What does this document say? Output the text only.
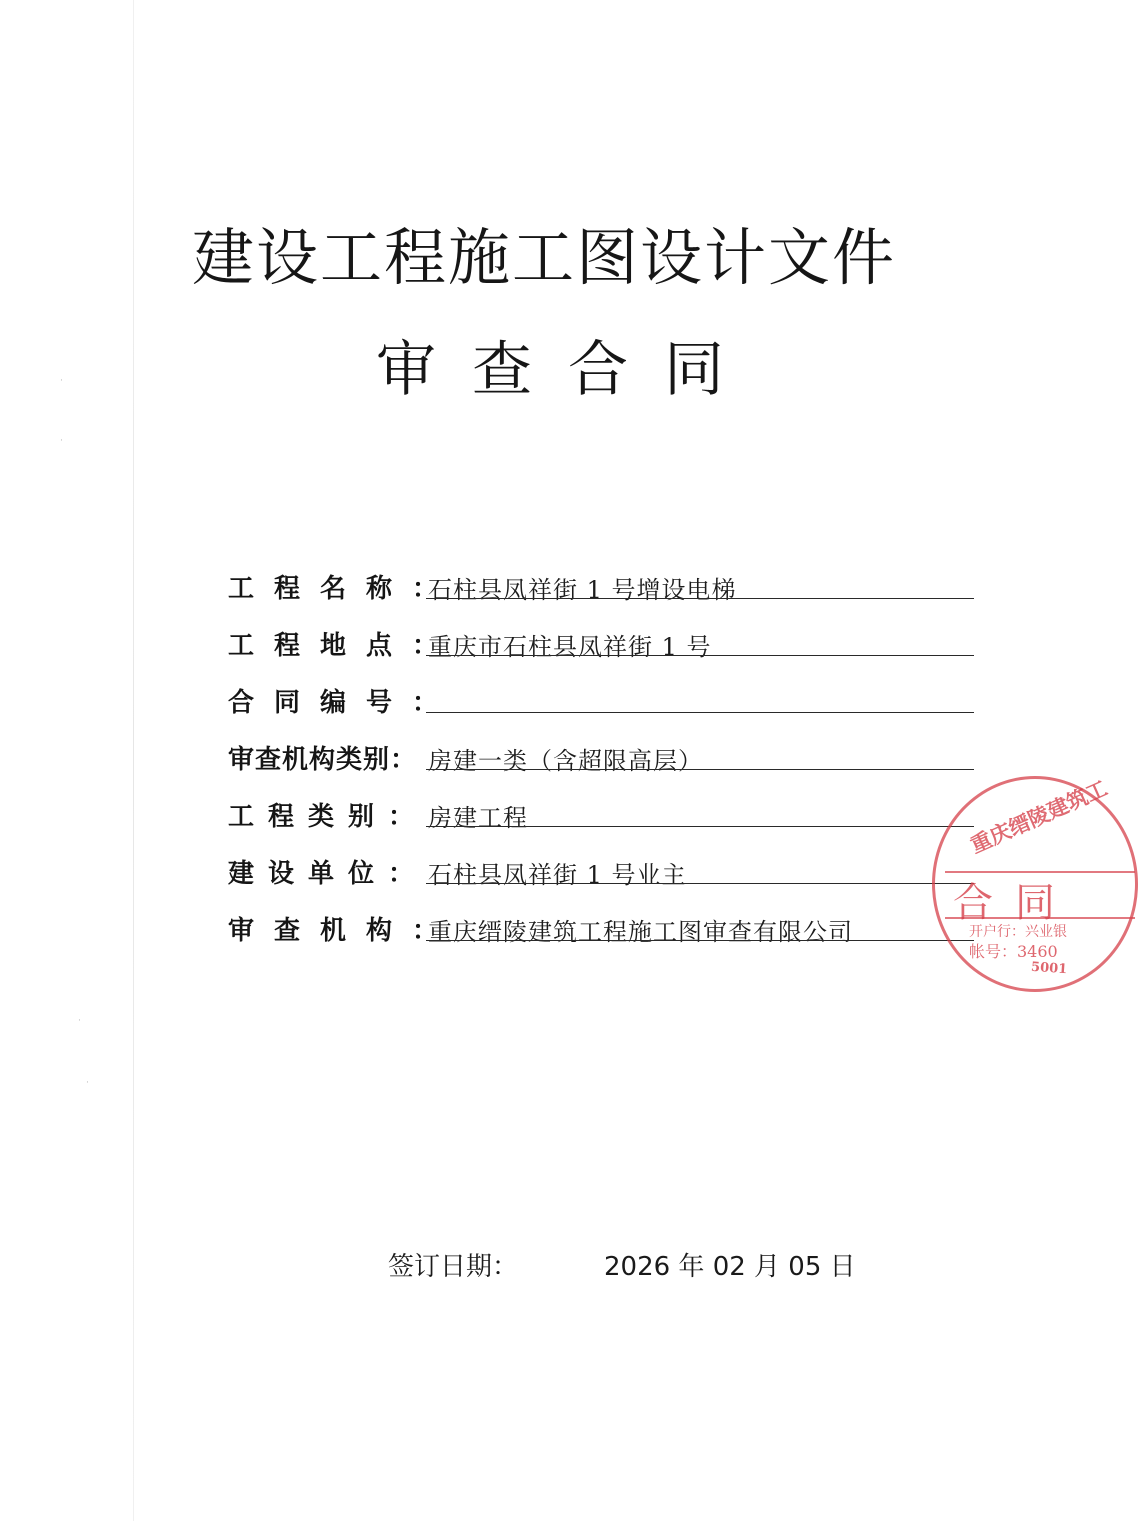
·
·
·
·
建设工程施工图设计文件
审查合同
工程名称：
石柱县凤祥街 1 号增设电梯
工程地点：
重庆市石柱县凤祥街 1 号
合同编号：
审查机构类别： 房建一类（含超限高层）
工程类别： 房建工程
建设单位： 石柱县凤祥街 1 号业主
审查机构：
重庆缙陵建筑工程施工图审查有限公司
重庆缙陵建筑工
合同
开户行：兴业银
帐号：3460
5001
签订日期：	2026 年 02 月 05 日
